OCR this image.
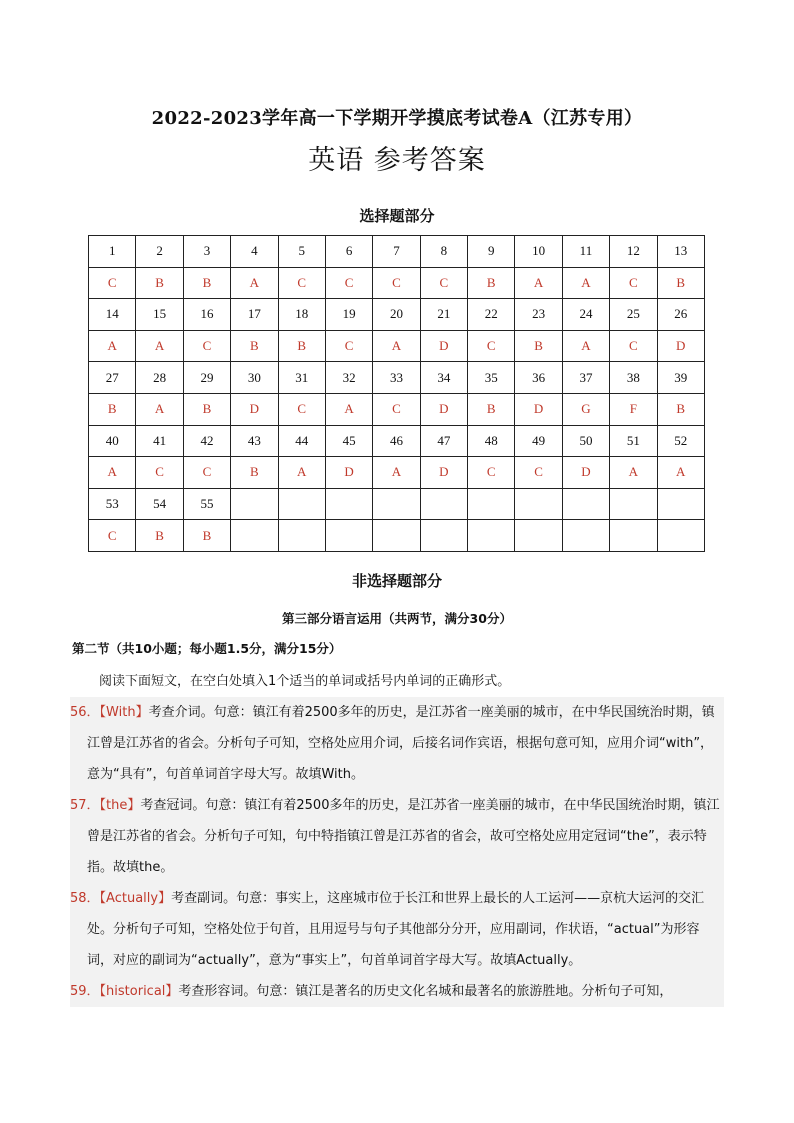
2022-2023学年高一下学期开学摸底考试卷A（江苏专用）
英语 参考答案
选择题部分
1	2	3	4	5	6	7	8	9	10	11	12	13
C	B	B	A	C	C	C	C	B	A	A	C	B
14	15	16	17	18	19	20	21	22	23	24	25	26
A	A	C	B	B	C	A	D	C	B	A	C	D
27	28	29	30	31	32	33	34	35	36	37	38	39
B	A	B	D	C	A	C	D	B	D	G	F	B
40	41	42	43	44	45	46	47	48	49	50	51	52
A	C	C	B	A	D	A	D	C	C	D	A	A
53	54	55										
C	B	B										
非选择题部分
第三部分语言运用（共两节，满分30分）
第二节（共10小题；每小题1.5分，满分15分）
阅读下面短文，在空白处填入1个适当的单词或括号内单词的正确形式。
56．【With】考查介词。句意：镇江有着2500多年的历史，是江苏省一座美丽的城市，在中华民国统治时期，镇江曾是江苏省的省会。分析句子可知，空格处应用介词，后接名词作宾语，根据句意可知，应用介词“with”，意为“具有”，句首单词首字母大写。故填With。
57．【the】考查冠词。句意：镇江有着2500多年的历史，是江苏省一座美丽的城市，在中华民国统治时期，镇江曾是江苏省的省会。分析句子可知，句中特指镇江曾是江苏省的省会，故可空格处应用定冠词“the”，表示特指。故填the。
58．【Actually】考查副词。句意：事实上，这座城市位于长江和世界上最长的人工运河——京杭大运河的交汇处。分析句子可知，空格处位于句首，且用逗号与句子其他部分分开，应用副词，作状语，“actual”为形容词，对应的副词为“actually”，意为“事实上”，句首单词首字母大写。故填Actually。
59．【historical】考查形容词。句意：镇江是著名的历史文化名城和最著名的旅游胜地。分析句子可知，
